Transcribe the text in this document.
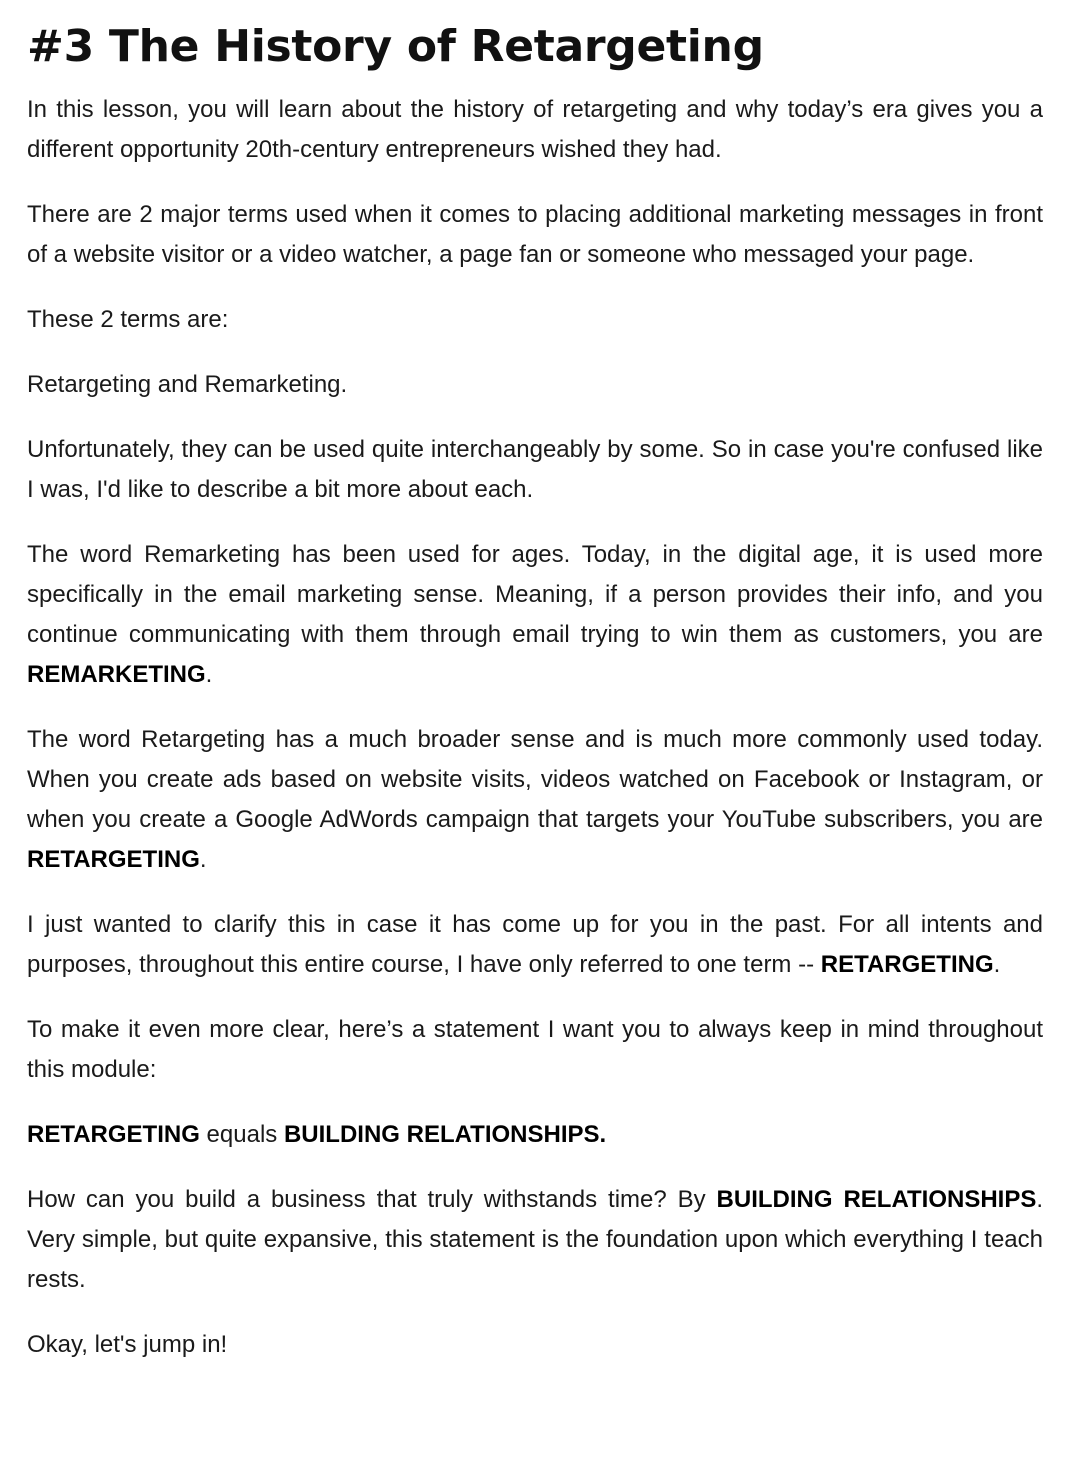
#3 The History of Retargeting

In this lesson, you will learn about the history of retargeting and why today’s era gives you a different opportunity 20th-century entrepreneurs wished they had.

There are 2 major terms used when it comes to placing additional marketing messages in front of a website visitor or a video watcher, a page fan or someone who messaged your page.

These 2 terms are:

Retargeting and Remarketing.

Unfortunately, they can be used quite interchangeably by some. So in case you're confused like I was, I'd like to describe a bit more about each.

The word Remarketing has been used for ages. Today, in the digital age, it is used more specifically in the email marketing sense. Meaning, if a person provides their info, and you continue communicating with them through email trying to win them as customers, you are REMARKETING.

The word Retargeting has a much broader sense and is much more commonly used today. When you create ads based on website visits, videos watched on Facebook or Instagram, or when you create a Google AdWords campaign that targets your YouTube subscribers, you are RETARGETING.

I just wanted to clarify this in case it has come up for you in the past. For all intents and purposes, throughout this entire course, I have only referred to one term -- RETARGETING.

To make it even more clear, here’s a statement I want you to always keep in mind throughout this module:

RETARGETING equals BUILDING RELATIONSHIPS.

How can you build a business that truly withstands time? By BUILDING RELATIONSHIPS. Very simple, but quite expansive, this statement is the foundation upon which everything I teach rests.

Okay, let's jump in!
